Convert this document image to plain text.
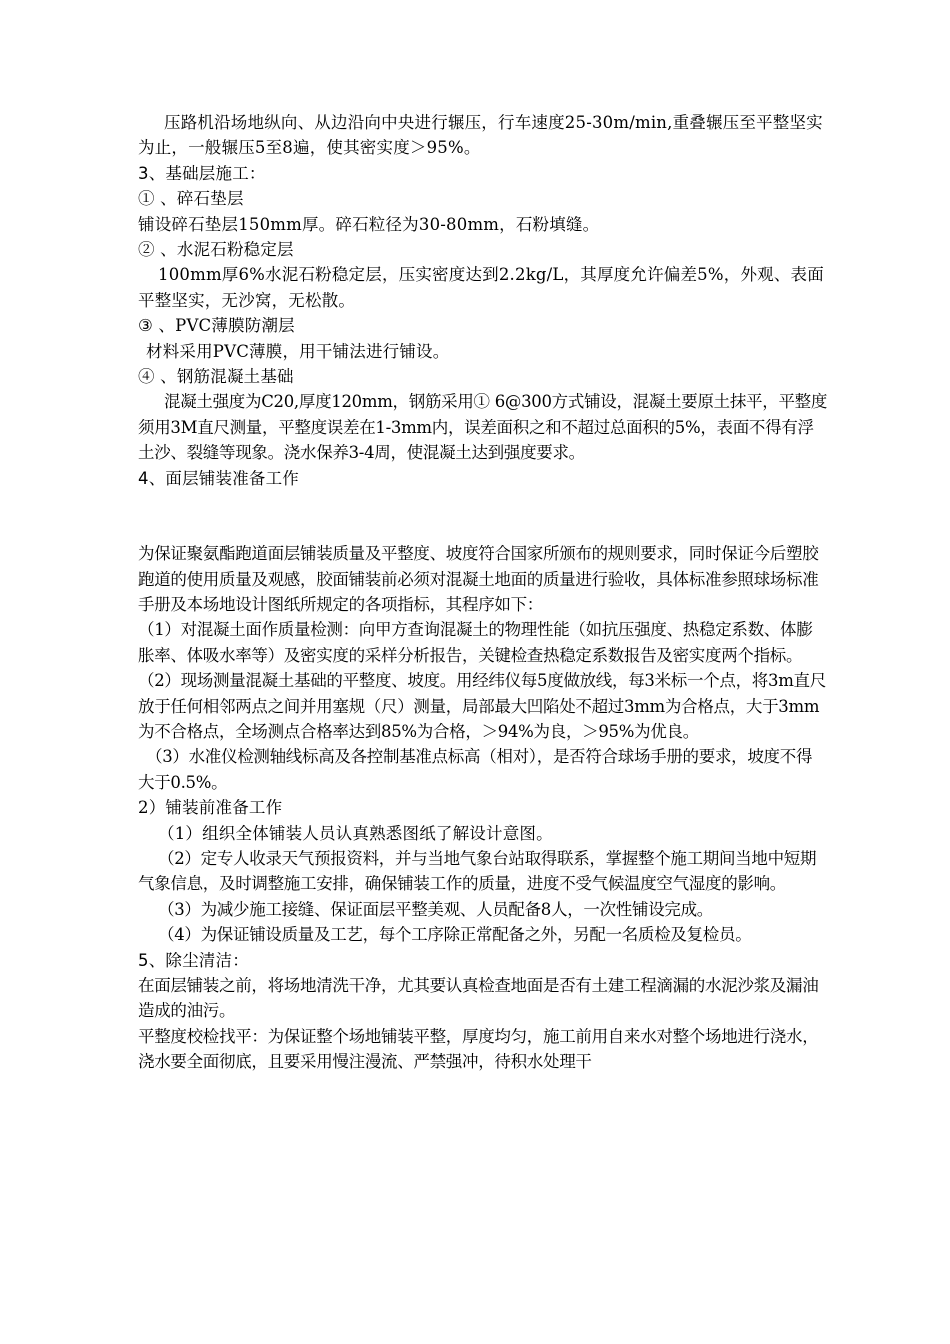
压路机沿场地纵向、从边沿向中央进行辗压，行车速度25-30m/min,重叠辗压至平整坚实为止，一般辗压5至8遍，使其密实度＞95%。

3、基础层施工：

① 、碎石垫层

铺设碎石垫层150mm厚。碎石粒径为30-80mm，石粉填缝。

② 、水泥石粉稳定层

100mm厚6%水泥石粉稳定层，压实密度达到2.2kg/L，其厚度允许偏差5%，外观、表面平整坚实，无沙窝，无松散。

③ 、PVC薄膜防潮层

材料采用PVC薄膜，用干铺法进行铺设。

④ 、钢筋混凝土基础

混凝土强度为C20,厚度120mm，钢筋采用① 6@300方式铺设，混凝土要原土抹平，平整度须用3M直尺测量，平整度误差在1-3mm内，误差面积之和不超过总面积的5%，表面不得有浮土沙、裂缝等现象。浇水保养3-4周，使混凝土达到强度要求。

4、面层铺装准备工作

为保证聚氨酯跑道面层铺装质量及平整度、坡度符合国家所颁布的规则要求，同时保证今后塑胶跑道的使用质量及观感，胶面铺装前必须对混凝土地面的质量进行验收，具体标准参照球场标准手册及本场地设计图纸所规定的各项指标，其程序如下：

（1）对混凝土面作质量检测：向甲方查询混凝土的物理性能（如抗压强度、热稳定系数、体膨胀率、体吸水率等）及密实度的采样分析报告，关键检查热稳定系数报告及密实度两个指标。

（2）现场测量混凝土基础的平整度、坡度。用经纬仪每5度做放线，每3米标一个点，将3m直尺放于任何相邻两点之间并用塞规（尺）测量，局部最大凹陷处不超过3mm为合格点，大于3mm为不合格点，全场测点合格率达到85%为合格，＞94%为良，＞95%为优良。

（3）水准仪检测轴线标高及各控制基准点标高（相对），是否符合球场手册的要求，坡度不得大于0.5%。

2）铺装前准备工作

（1）组织全体铺装人员认真熟悉图纸了解设计意图。

（2）定专人收录天气预报资料，并与当地气象台站取得联系，掌握整个施工期间当地中短期气象信息，及时调整施工安排，确保铺装工作的质量，进度不受气候温度空气湿度的影响。

（3）为减少施工接缝、保证面层平整美观、人员配备8人，一次性铺设完成。

（4）为保证铺设质量及工艺，每个工序除正常配备之外，另配一名质检及复检员。

5、除尘清洁：

在面层铺装之前，将场地清洗干净，尤其要认真检查地面是否有土建工程滴漏的水泥沙浆及漏油造成的油污。

平整度校检找平：为保证整个场地铺装平整，厚度均匀，施工前用自来水对整个场地进行浇水，浇水要全面彻底，且要采用慢注漫流、严禁强冲，待积水处理干
